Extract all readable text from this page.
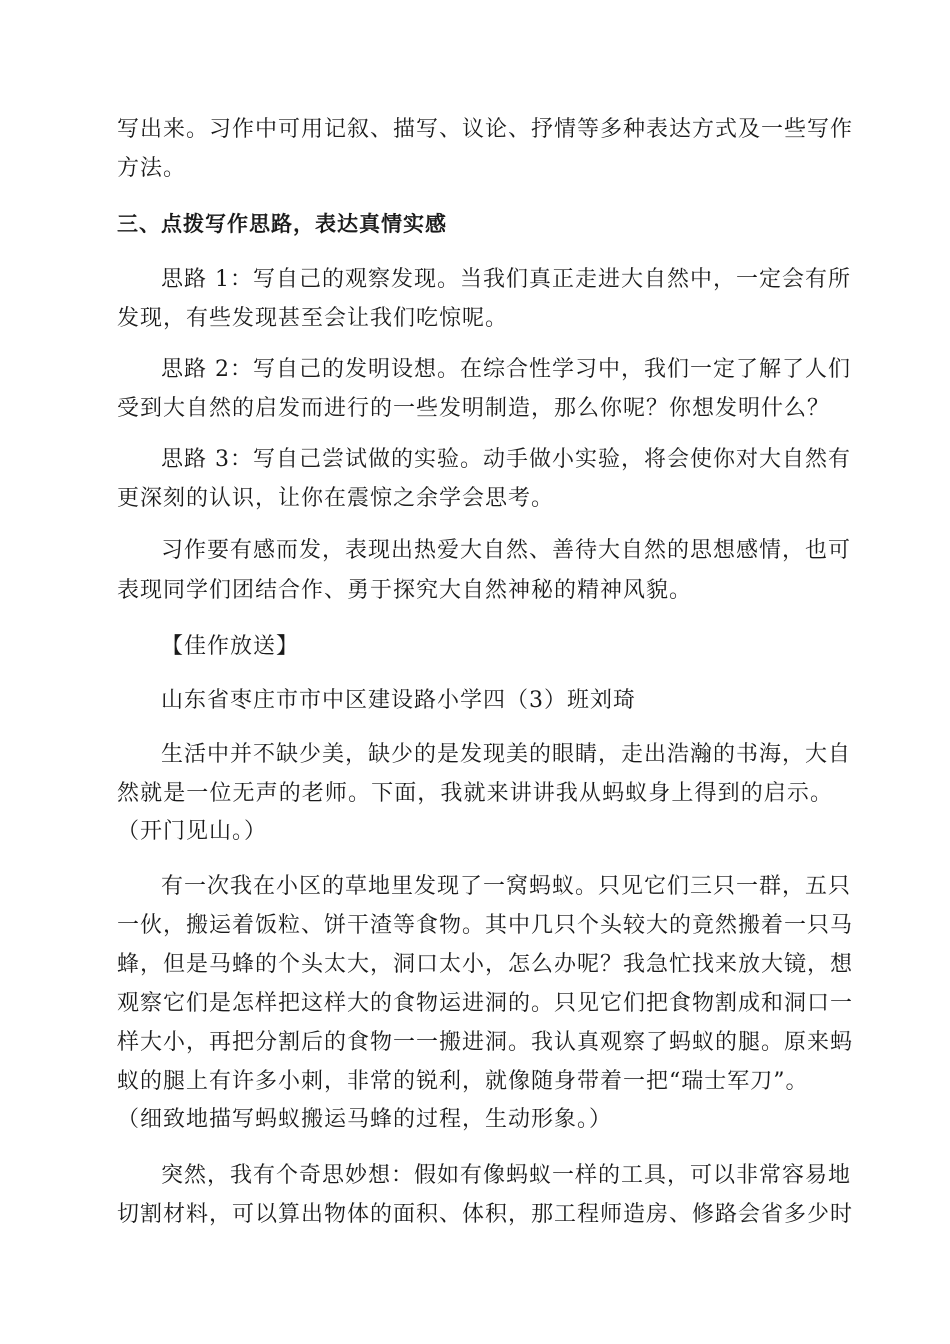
写出来。习作中可用记叙、描写、议论、抒情等多种表达方式及一些写作
方法。
三、点拨写作思路，表达真情实感
思路 1：写自己的观察发现。当我们真正走进大自然中，一定会有所
发现，有些发现甚至会让我们吃惊呢。
思路 2：写自己的发明设想。在综合性学习中，我们一定了解了人们
受到大自然的启发而进行的一些发明制造，那么你呢？你想发明什么？
思路 3：写自己尝试做的实验。动手做小实验，将会使你对大自然有
更深刻的认识，让你在震惊之余学会思考。
习作要有感而发，表现出热爱大自然、善待大自然的思想感情，也可
表现同学们团结合作、勇于探究大自然神秘的精神风貌。
【佳作放送】
山东省枣庄市市中区建设路小学四（3）班刘琦
生活中并不缺少美，缺少的是发现美的眼睛，走出浩瀚的书海，大自
然就是一位无声的老师。下面，我就来讲讲我从蚂蚁身上得到的启示。
（开门见山。）
有一次我在小区的草地里发现了一窝蚂蚁。只见它们三只一群，五只
一伙，搬运着饭粒、饼干渣等食物。其中几只个头较大的竟然搬着一只马
蜂，但是马蜂的个头太大，洞口太小，怎么办呢？我急忙找来放大镜，想
观察它们是怎样把这样大的食物运进洞的。只见它们把食物割成和洞口一
样大小，再把分割后的食物一一搬进洞。我认真观察了蚂蚁的腿。原来蚂
蚁的腿上有许多小刺，非常的锐利，就像随身带着一把“瑞士军刀”。
（细致地描写蚂蚁搬运马蜂的过程，生动形象。）
突然，我有个奇思妙想：假如有像蚂蚁一样的工具，可以非常容易地
切割材料，可以算出物体的面积、体积，那工程师造房、修路会省多少时
